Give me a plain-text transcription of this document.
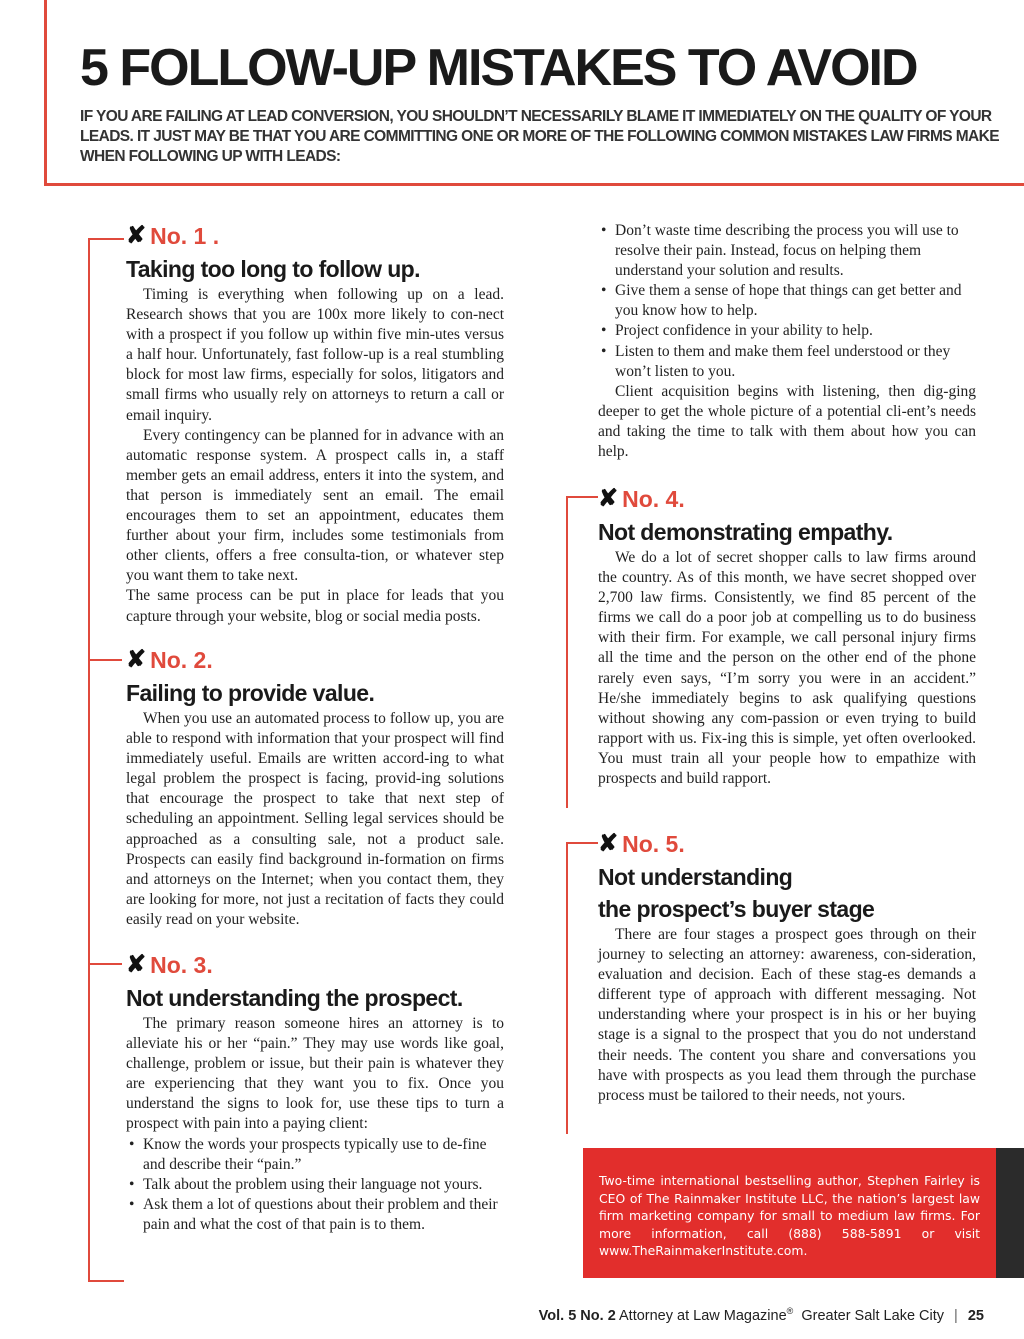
5 FOLLOW-UP MISTAKES TO AVOID

IF YOU ARE FAILING AT LEAD CONVERSION, YOU SHOULDN’T NECESSARILY BLAME IT IMMEDIATELY ON THE QUALITY OF YOUR LEADS. IT JUST MAY BE THAT YOU ARE COMMITTING ONE OR MORE OF THE FOLLOWING COMMON MISTAKES LAW FIRMS MAKE WHEN FOLLOWING UP WITH LEADS:

✘ No. 1 .
Taking too long to follow up.

Timing is everything when following up on a lead. Research shows that you are 100x more likely to con-nect with a prospect if you follow up within five min-utes versus a half hour. Unfortunately, fast follow-up is a real stumbling block for most law firms, especially for solos, litigators and small firms who usually rely on attorneys to return a call or email inquiry.

Every contingency can be planned for in advance with an automatic response system. A prospect calls in, a staff member gets an email address, enters it into the system, and that person is immediately sent an email. The email encourages them to set an appointment, educates them further about your firm, includes some testimonials from other clients, offers a free consulta-tion, or whatever step you want them to take next.

The same process can be put in place for leads that you capture through your website, blog or social media posts.

✘ No. 2.
Failing to provide value.

When you use an automated process to follow up, you are able to respond with information that your prospect will find immediately useful. Emails are written accord-ing to what legal problem the prospect is facing, provid-ing solutions that encourage the prospect to take that next step of scheduling an appointment. Selling legal services should be approached as a consulting sale, not a product sale. Prospects can easily find background in-formation on firms and attorneys on the Internet; when you contact them, they are looking for more, not just a recitation of facts they could easily read on your website.

✘ No. 3.
Not understanding the prospect.

The primary reason someone hires an attorney is to alleviate his or her “pain.” They may use words like goal, challenge, problem or issue, but their pain is whatever they are experiencing that they want you to fix. Once you understand the signs to look for, use these tips to turn a prospect with pain into a paying client:

• Know the words your prospects typically use to de-fine and describe their “pain.”
• Talk about the problem using their language not yours.
• Ask them a lot of questions about their problem and their pain and what the cost of that pain is to them.
• Don’t waste time describing the process you will use to resolve their pain. Instead, focus on helping them understand your solution and results.
• Give them a sense of hope that things can get better and you know how to help.
• Project confidence in your ability to help.
• Listen to them and make them feel understood or they won’t listen to you.

Client acquisition begins with listening, then dig-ging deeper to get the whole picture of a potential cli-ent’s needs and taking the time to talk with them about how you can help.

✘ No. 4.
Not demonstrating empathy.

We do a lot of secret shopper calls to law firms around the country. As of this month, we have secret shopped over 2,700 law firms. Consistently, we find 85 percent of the firms we call do a poor job at compelling us to do business with their firm. For example, we call personal injury firms all the time and the person on the other end of the phone rarely even says, “I’m sorry you were in an accident.” He/she immediately begins to ask qualifying questions without showing any com-passion or even trying to build rapport with us. Fix-ing this is simple, yet often overlooked. You must train all your people how to empathize with prospects and build rapport.

✘ No. 5.
Not understanding
the prospect’s buyer stage

There are four stages a prospect goes through on their journey to selecting an attorney: awareness, con-sideration, evaluation and decision. Each of these stag-es demands a different type of approach with different messaging. Not understanding where your prospect is in his or her buying stage is a signal to the prospect that you do not understand their needs. The content you share and conversations you have with prospects as you lead them through the purchase process must be tailored to their needs, not yours.

Two-time international bestselling author, Stephen Fairley is CEO of The Rainmaker Institute LLC, the nation’s largest law firm marketing company for small to medium law firms. For more information, call (888) 588-5891 or visit www.TheRainmakerInstitute.com.
Vol. 5 No. 2 Attorney at Law Magazine® Greater Salt Lake City | 25
